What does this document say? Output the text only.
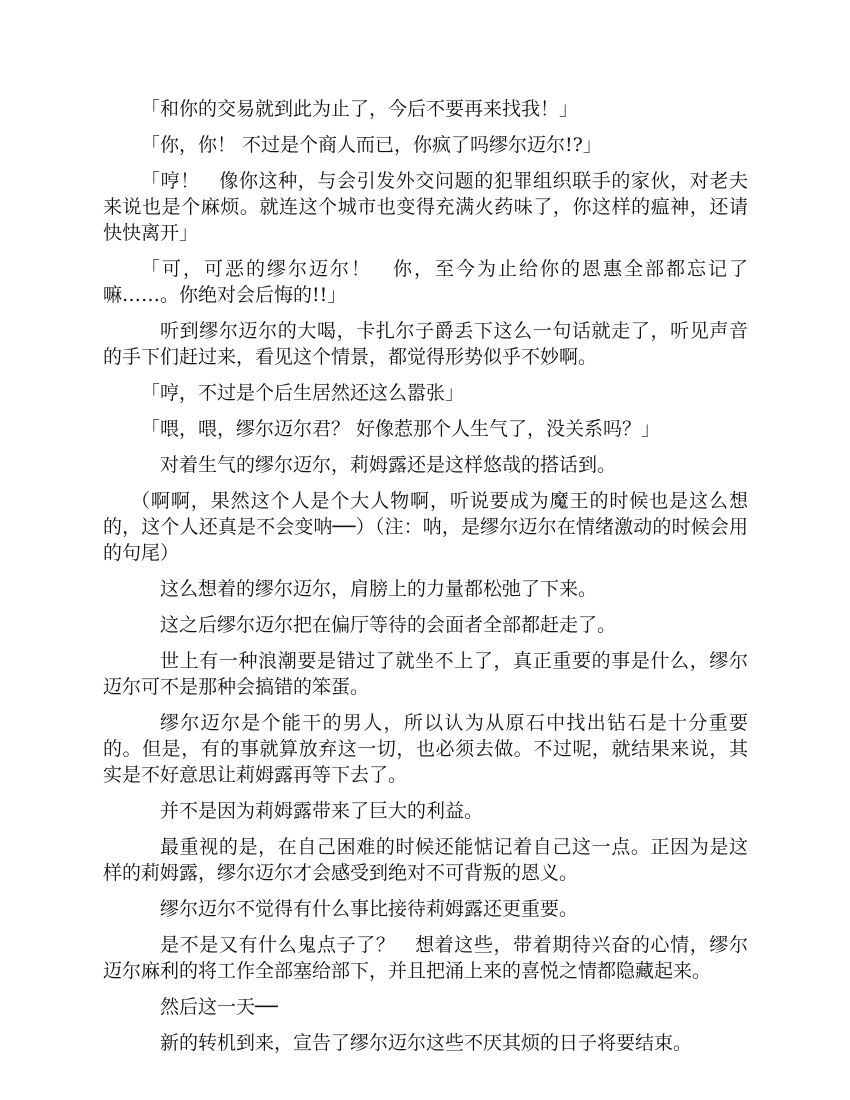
「和你的交易就到此为止了，今后不要再来找我！」

「你，你！ 不过是个商人而已，你疯了吗缪尔迈尔!?」

「哼！　像你这种，与会引发外交问题的犯罪组织联手的家伙，对老夫来说也是个麻烦。就连这个城市也变得充满火药味了，你这样的瘟神，还请快快离开」

「可，可恶的缪尔迈尔！　你，至今为止给你的恩惠全部都忘记了嘛……。你绝对会后悔的!!」

听到缪尔迈尔的大喝，卡扎尔子爵丢下这么一句话就走了，听见声音的手下们赶过来，看见这个情景，都觉得形势似乎不妙啊。

「哼，不过是个后生居然还这么嚣张」

「喂，喂，缪尔迈尔君？ 好像惹那个人生气了，没关系吗？」

对着生气的缪尔迈尔，莉姆露还是这样悠哉的搭话到。

（啊啊，果然这个人是个大人物啊，听说要成为魔王的时候也是这么想的，这个人还真是不会变呐──）（注：呐，是缪尔迈尔在情绪激动的时候会用的句尾）

这么想着的缪尔迈尔，肩膀上的力量都松弛了下来。

这之后缪尔迈尔把在偏厅等待的会面者全部都赶走了。

世上有一种浪潮要是错过了就坐不上了，真正重要的事是什么，缪尔迈尔可不是那种会搞错的笨蛋。

缪尔迈尔是个能干的男人，所以认为从原石中找出钻石是十分重要的。但是，有的事就算放弃这一切，也必须去做。不过呢，就结果来说，其实是不好意思让莉姆露再等下去了。

并不是因为莉姆露带来了巨大的利益。

最重视的是，在自己困难的时候还能惦记着自己这一点。正因为是这样的莉姆露，缪尔迈尔才会感受到绝对不可背叛的恩义。

缪尔迈尔不觉得有什么事比接待莉姆露还更重要。

是不是又有什么鬼点子了？　想着这些，带着期待兴奋的心情，缪尔迈尔麻利的将工作全部塞给部下，并且把涌上来的喜悦之情都隐藏起来。

然后这一天──

新的转机到来，宣告了缪尔迈尔这些不厌其烦的日子将要结束。
